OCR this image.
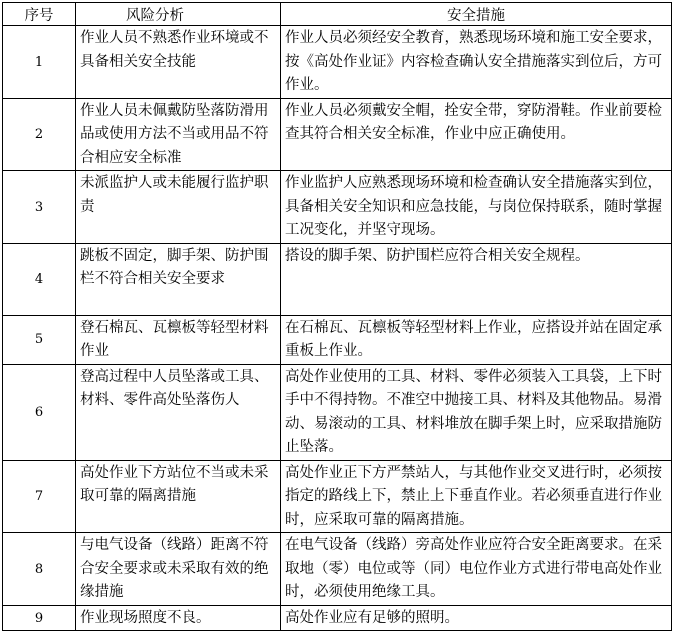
序号	风险分析	安全措施
1	作业人员不熟悉作业环境或不具备相关安全技能	作业人员必须经安全教育，熟悉现场环境和施工安全要求，按《高处作业证》内容检查确认安全措施落实到位后，方可作业。
2	作业人员未佩戴防坠落防滑用品或使用方法不当或用品不符合相应安全标准	作业人员必须戴安全帽，拴安全带，穿防滑鞋。作业前要检查其符合相关安全标准，作业中应正确使用。
3	未派监护人或未能履行监护职责	作业监护人应熟悉现场环境和检查确认安全措施落实到位，具备相关安全知识和应急技能，与岗位保持联系，随时掌握工况变化，并坚守现场。
4	跳板不固定，脚手架、防护围栏不符合相关安全要求	搭设的脚手架、防护围栏应符合相关安全规程。
5	登石棉瓦、瓦檩板等轻型材料作业	在石棉瓦、瓦檩板等轻型材料上作业，应搭设并站在固定承重板上作业。
6	登高过程中人员坠落或工具、材料、零件高处坠落伤人	高处作业使用的工具、材料、零件必须装入工具袋，上下时手中不得持物。不准空中抛接工具、材料及其他物品。易滑动、易滚动的工具、材料堆放在脚手架上时，应采取措施防止坠落。
7	高处作业下方站位不当或未采取可靠的隔离措施	高处作业正下方严禁站人，与其他作业交叉进行时，必须按指定的路线上下，禁止上下垂直作业。若必须垂直进行作业时，应采取可靠的隔离措施。
8	与电气设备（线路）距离不符合安全要求或未采取有效的绝缘措施	在电气设备（线路）旁高处作业应符合安全距离要求。在采取地（零）电位或等（同）电位作业方式进行带电高处作业时，必须使用绝缘工具。
9	作业现场照度不良。	高处作业应有足够的照明。
